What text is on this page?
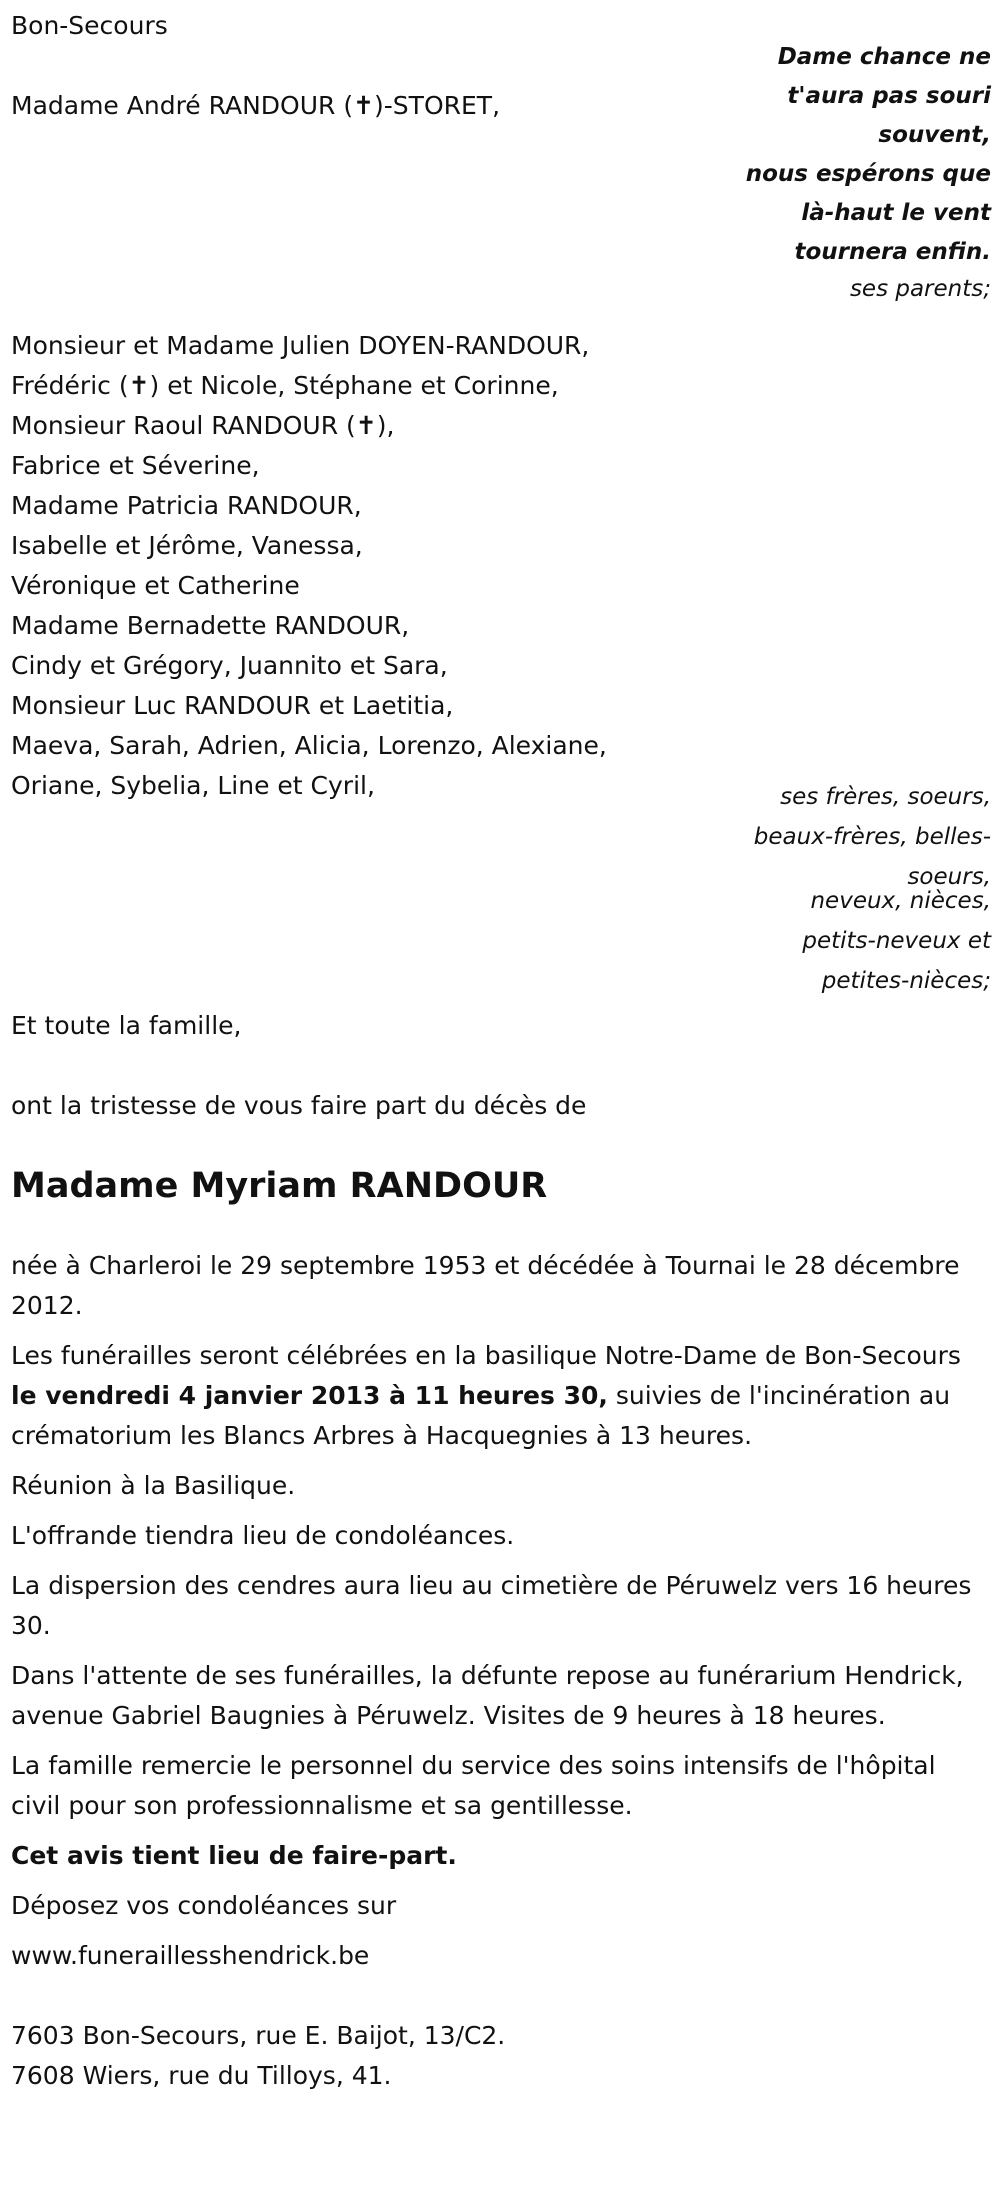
Dame chance ne
t'aura pas souri
souvent,
nous espérons que
là-haut le vent
tournera enfin.
ses parents;
Bon-Secours
Madame André RANDOUR (✝)-STORET,
Monsieur et Madame Julien DOYEN-RANDOUR,
Frédéric (✝) et Nicole, Stéphane et Corinne,
Monsieur Raoul RANDOUR (✝),
Fabrice et Séverine,
Madame Patricia RANDOUR,
Isabelle et Jérôme, Vanessa,
Véronique et Catherine
Madame Bernadette RANDOUR,
Cindy et Grégory, Juannito et Sara,
Monsieur Luc RANDOUR et Laetitia,
Maeva, Sarah, Adrien, Alicia, Lorenzo, Alexiane,
Oriane, Sybelia, Line et Cyril,	ses frères, soeurs,
beaux-frères, belles-
soeurs,
neveux, nièces,
petits-neveux et
petites-nièces;
Et toute la famille,
ont la tristesse de vous faire part du décès de
Madame Myriam RANDOUR

née à Charleroi le 29 septembre 1953 et décédée à Tournai le 28 décembre 2012.

Les funérailles seront célébrées en la basilique Notre-Dame de Bon-Secours le vendredi 4 janvier 2013 à 11 heures 30, suivies de l'incinération au crématorium les Blancs Arbres à Hacquegnies à 13 heures.

Réunion à la Basilique.

L'offrande tiendra lieu de condoléances.

La dispersion des cendres aura lieu au cimetière de Péruwelz vers 16 heures 30.

Dans l'attente de ses funérailles, la défunte repose au funérarium Hendrick, avenue Gabriel Baugnies à Péruwelz. Visites de 9 heures à 18 heures.

La famille remercie le personnel du service des soins intensifs de l'hôpital civil pour son professionnalisme et sa gentillesse.

Cet avis tient lieu de faire-part.

Déposez vos condoléances sur

www.funeraillesshendrick.be

7603 Bon-Secours, rue E. Baijot, 13/C2.
7608 Wiers, rue du Tilloys, 41.
